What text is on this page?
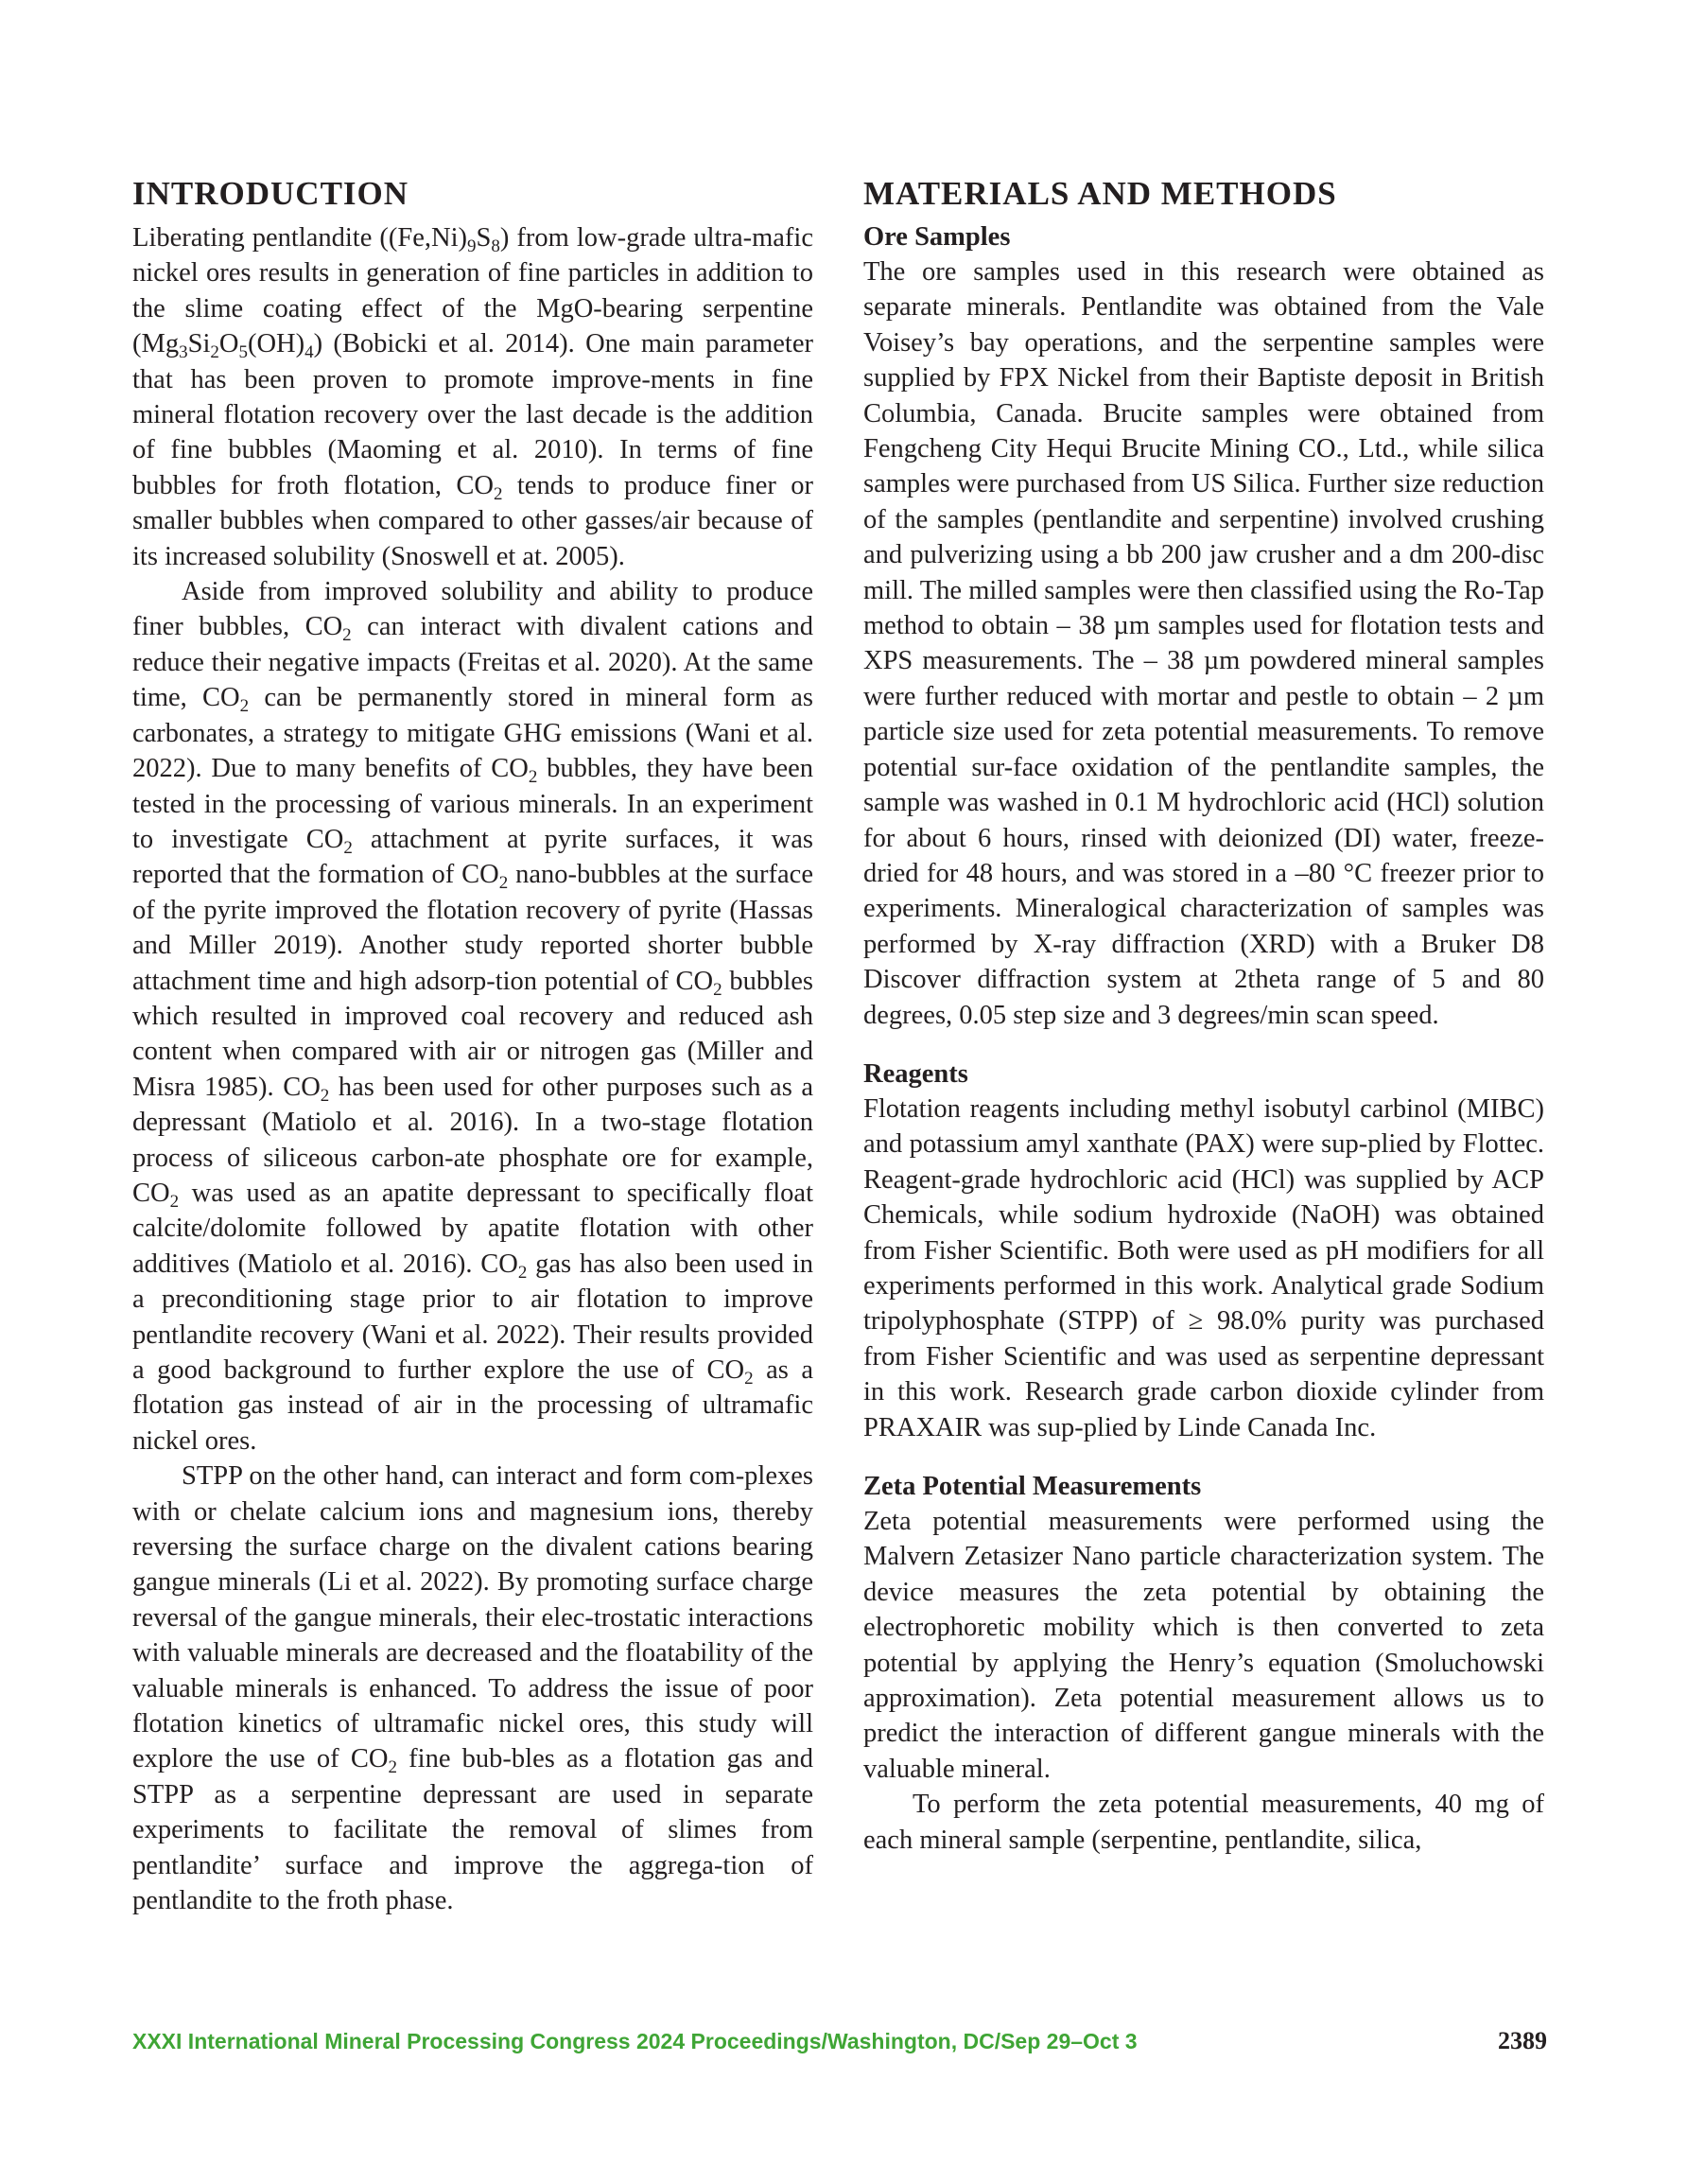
INTRODUCTION

Liberating pentlandite $((Fe,Ni)_9S_8)$ from low-grade ultra-mafic nickel ores results in generation of fine particles in addition to the slime coating effect of the MgO-bearing serpentine $(Mg_3Si_2O_5(OH)_4)$ (Bobicki et al. 2014). One main parameter that has been proven to promote improve-ments in fine mineral flotation recovery over the last decade is the addition of fine bubbles (Maoming et al. 2010). In terms of fine bubbles for froth flotation, $CO_2$ tends to produce finer or smaller bubbles when compared to other gasses/air because of its increased solubility (Snoswell et at. 2005).

Aside from improved solubility and ability to produce finer bubbles, $CO_2$ can interact with divalent cations and reduce their negative impacts (Freitas et al. 2020). At the same time, $CO_2$ can be permanently stored in mineral form as carbonates, a strategy to mitigate GHG emissions (Wani et al. 2022). Due to many benefits of $CO_2$ bubbles, they have been tested in the processing of various minerals. In an experiment to investigate $CO_2$ attachment at pyrite surfaces, it was reported that the formation of $CO_2$ nano-bubbles at the surface of the pyrite improved the flotation recovery of pyrite (Hassas and Miller 2019). Another study reported shorter bubble attachment time and high adsorp-tion potential of $CO_2$ bubbles which resulted in improved coal recovery and reduced ash content when compared with air or nitrogen gas (Miller and Misra 1985). $CO_2$ has been used for other purposes such as a depressant (Matiolo et al. 2016). In a two-stage flotation process of siliceous carbon-ate phosphate ore for example, $CO_2$ was used as an apatite depressant to specifically float calcite/dolomite followed by apatite flotation with other additives (Matiolo et al. 2016). $CO_2$ gas has also been used in a preconditioning stage prior to air flotation to improve pentlandite recovery (Wani et al. 2022). Their results provided a good background to further explore the use of $CO_2$ as a flotation gas instead of air in the processing of ultramafic nickel ores.

STPP on the other hand, can interact and form com-plexes with or chelate calcium ions and magnesium ions, thereby reversing the surface charge on the divalent cations bearing gangue minerals (Li et al. 2022). By promoting surface charge reversal of the gangue minerals, their elec-trostatic interactions with valuable minerals are decreased and the floatability of the valuable minerals is enhanced. To address the issue of poor flotation kinetics of ultramafic nickel ores, this study will explore the use of $CO_2$ fine bub-bles as a flotation gas and STPP as a serpentine depressant are used in separate experiments to facilitate the removal of slimes from pentlandite’ surface and improve the aggrega-tion of pentlandite to the froth phase.

MATERIALS AND METHODS
Ore Samples

The ore samples used in this research were obtained as separate minerals. Pentlandite was obtained from the Vale Voisey’s bay operations, and the serpentine samples were supplied by FPX Nickel from their Baptiste deposit in British Columbia, Canada. Brucite samples were obtained from Fengcheng City Hequi Brucite Mining CO., Ltd., while silica samples were purchased from US Silica. Further size reduction of the samples (pentlandite and serpentine) involved crushing and pulverizing using a bb 200 jaw crusher and a dm 200-disc mill. The milled samples were then classified using the Ro-Tap method to obtain – 38 µm samples used for flotation tests and XPS measurements. The – 38 µm powdered mineral samples were further reduced with mortar and pestle to obtain – 2 µm particle size used for zeta potential measurements. To remove potential sur-face oxidation of the pentlandite samples, the sample was washed in 0.1 M hydrochloric acid (HCl) solution for about 6 hours, rinsed with deionized (DI) water, freeze-dried for 48 hours, and was stored in a –80 °C freezer prior to experiments. Mineralogical characterization of samples was performed by X-ray diffraction (XRD) with a Bruker D8 Discover diffraction system at 2theta range of 5 and 80 degrees, 0.05 step size and 3 degrees/min scan speed.

Reagents

Flotation reagents including methyl isobutyl carbinol (MIBC) and potassium amyl xanthate (PAX) were sup-plied by Flottec. Reagent-grade hydrochloric acid (HCl) was supplied by ACP Chemicals, while sodium hydroxide (NaOH) was obtained from Fisher Scientific. Both were used as pH modifiers for all experiments performed in this work. Analytical grade Sodium tripolyphosphate (STPP) of ≥ 98.0% purity was purchased from Fisher Scientific and was used as serpentine depressant in this work. Research grade carbon dioxide cylinder from PRAXAIR was sup-plied by Linde Canada Inc.

Zeta Potential Measurements

Zeta potential measurements were performed using the Malvern Zetasizer Nano particle characterization system. The device measures the zeta potential by obtaining the electrophoretic mobility which is then converted to zeta potential by applying the Henry’s equation (Smoluchowski approximation). Zeta potential measurement allows us to predict the interaction of different gangue minerals with the valuable mineral.

To perform the zeta potential measurements, 40 mg of each mineral sample (serpentine, pentlandite, silica,

XXXI International Mineral Processing Congress 2024 Proceedings/Washington, DC/Sep 29–Oct 3	2389
